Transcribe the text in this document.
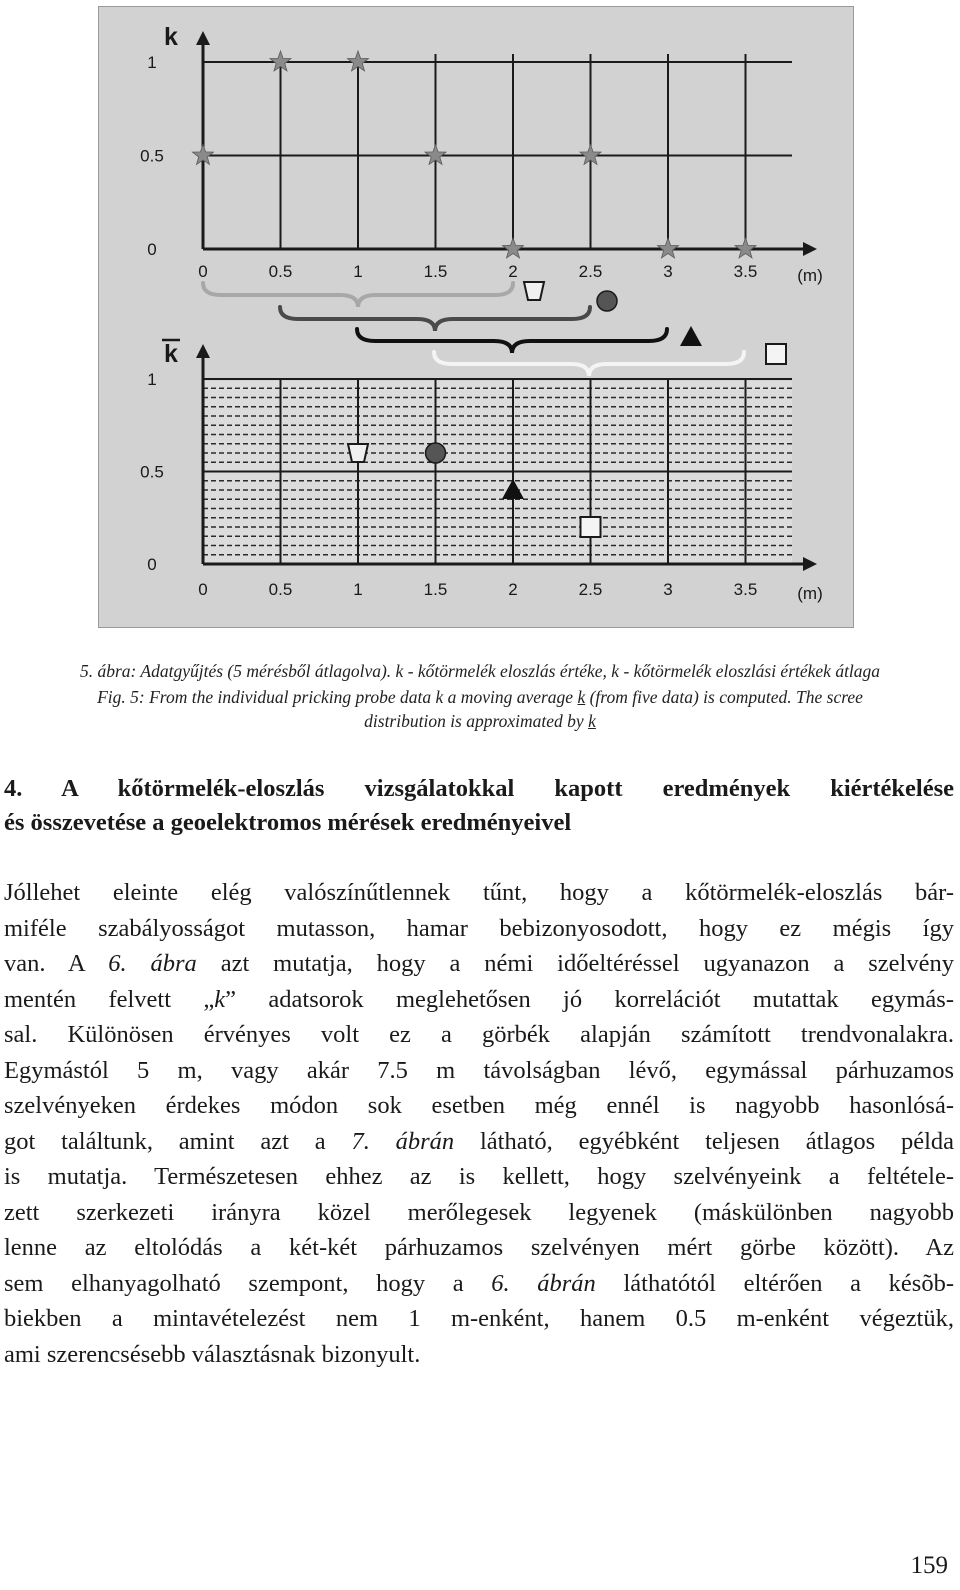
k
1
0.5
0
0	0.5	1	1.5	2	2.5	3	3.5 (m)
k
1
0.5
0
0	0.5	1	1.5	2	2.5	3	3.5 (m)
5. ábra: Adatgyűjtés (5 mérésből átlagolva). k - kőtörmelék eloszlás értéke, k - kőtörmelék eloszlási értékek átlaga
Fig. 5: From the individual pricking probe data k a moving average k (from five data) is computed. The scree
distribution is approximated by k
4. A kőtörmelék-eloszlás vizsgálatokkal kapott eredmények kiértékelése
és összevetése a geoelektromos mérések eredményeivel
Jóllehet eleinte elég valószínűtlennek tűnt, hogy a kőtörmelék-eloszlás bár-
miféle szabályosságot mutasson, hamar bebizonyosodott, hogy ez mégis így
van. A 6. ábra azt mutatja, hogy a némi időeltéréssel ugyanazon a szelvény
mentén felvett „k” adatsorok meglehetősen jó korrelációt mutattak egymás-
sal. Különösen érvényes volt ez a görbék alapján számított trendvonalakra.
Egymástól 5 m, vagy akár 7.5 m távolságban lévő, egymással párhuzamos
szelvényeken érdekes módon sok esetben még ennél is nagyobb hasonlósá-
got találtunk, amint azt a 7. ábrán látható, egyébként teljesen átlagos példa
is mutatja. Természetesen ehhez az is kellett, hogy szelvényeink a feltétele-
zett szerkezeti irányra közel merőlegesek legyenek (máskülönben nagyobb
lenne az eltolódás a két-két párhuzamos szelvényen mért görbe között). Az
sem elhanyagolható szempont, hogy a 6. ábrán láthatótól eltérően a késõb-
biekben a mintavételezést nem 1 m-enként, hanem 0.5 m-enként végeztük,
ami szerencsésebb választásnak bizonyult.
159
